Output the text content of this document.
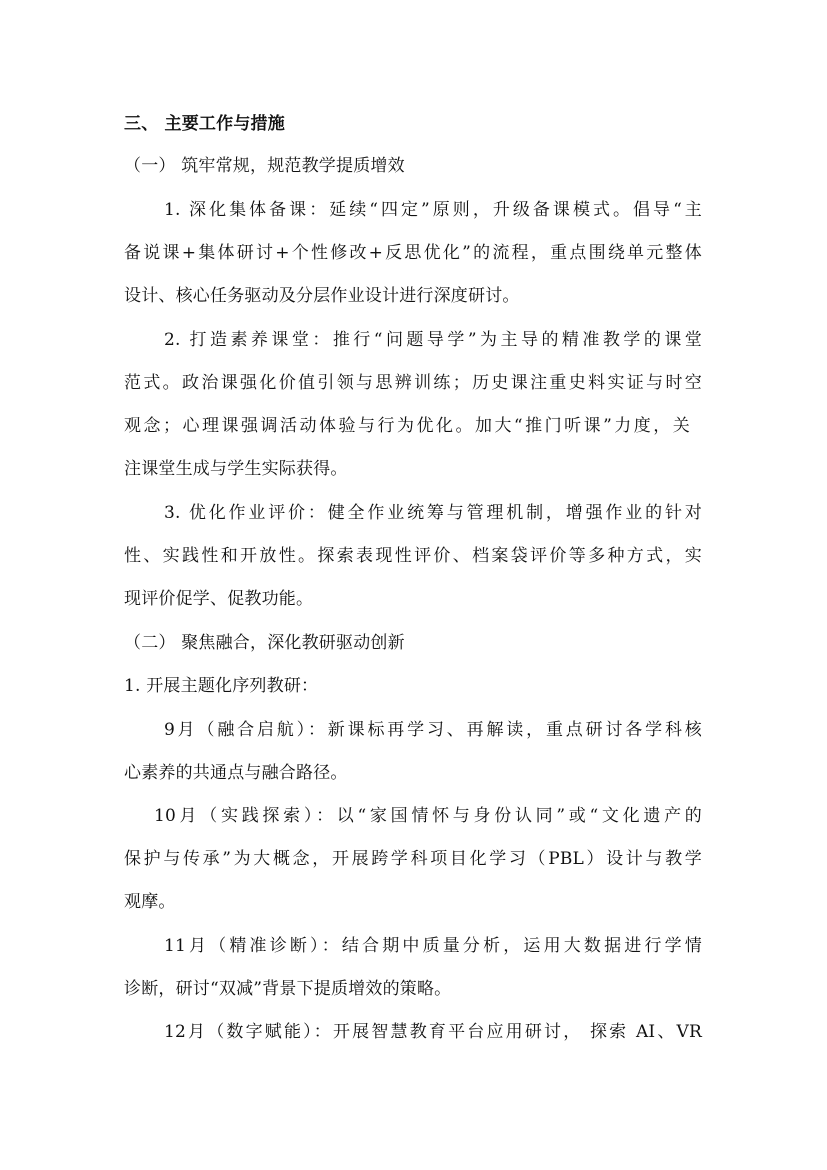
三、 主要工作与措施
（一） 筑牢常规，规范教学提质增效
1. 深化集体备课：延续“四定”原则，升级备课模式。倡导“主
备说课+集体研讨+个性修改+反思优化”的流程，重点围绕单元整体
设计、核心任务驱动及分层作业设计进行深度研讨。
2. 打造素养课堂：推行“问题导学”为主导的精准教学的课堂
范式。政治课强化价值引领与思辨训练；历史课注重史料实证与时空
观念；心理课强调活动体验与行为优化。加大“推门听课”力度，关
注课堂生成与学生实际获得。
3. 优化作业评价：健全作业统筹与管理机制，增强作业的针对
性、实践性和开放性。探索表现性评价、档案袋评价等多种方式，实
现评价促学、促教功能。
（二） 聚焦融合，深化教研驱动创新
1. 开展主题化序列教研：
9月（融合启航）：新课标再学习、再解读，重点研讨各学科核
心素养的共通点与融合路径。
10月（实践探索）：以“家国情怀与身份认同”或“文化遗产的
保护与传承”为大概念，开展跨学科项目化学习（PBL）设计与教学
观摩。
11月（精准诊断）：结合期中质量分析，运用大数据进行学情
诊断，研讨“双减”背景下提质增效的策略。
12月（数字赋能）：开展智慧教育平台应用研讨， 探索 AI、VR
